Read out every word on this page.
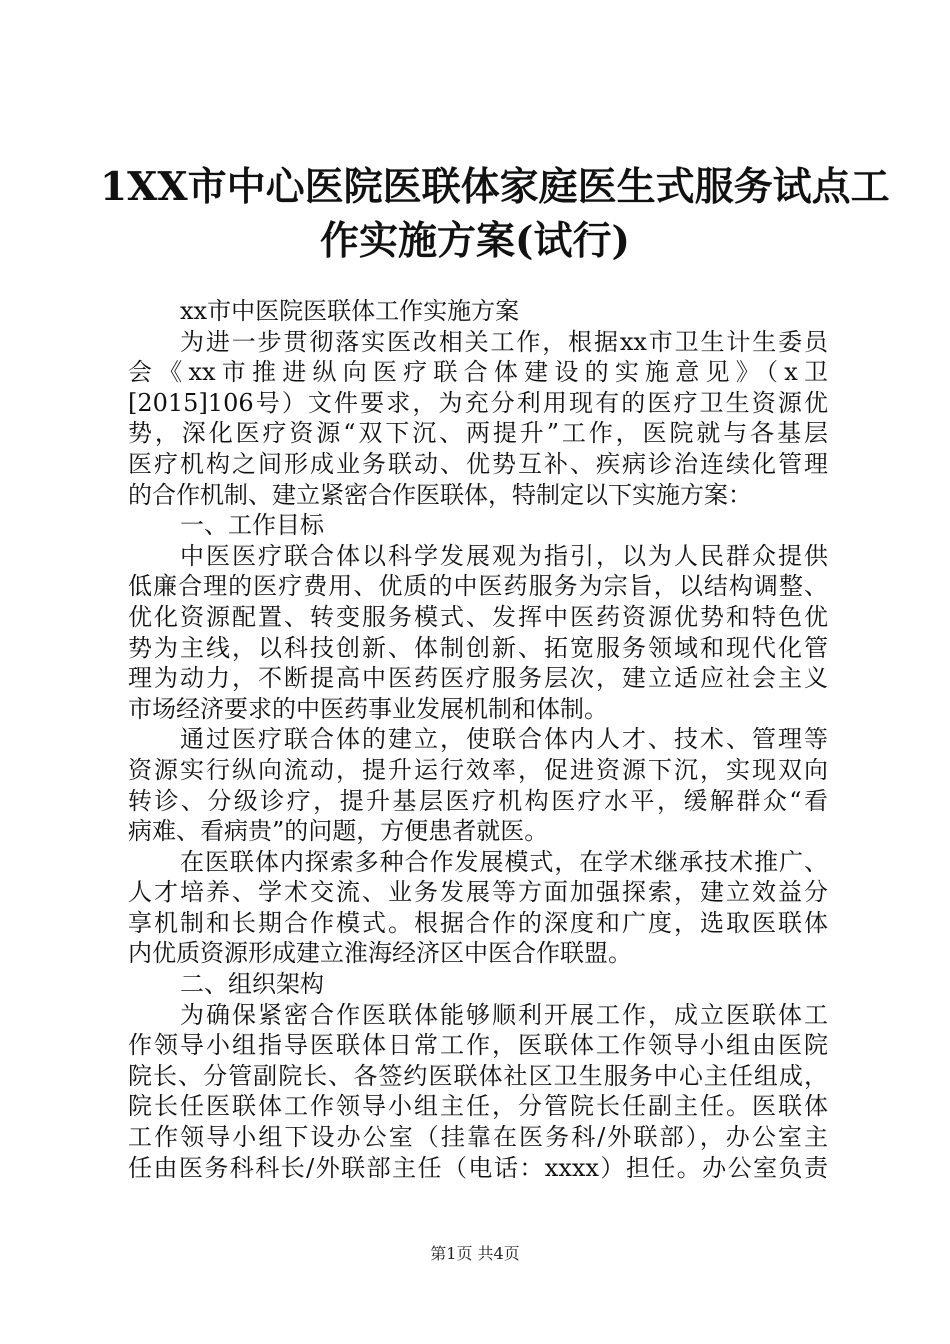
1XX市中心医院医联体家庭医生式服务试点工
作实施方案(试行)
xx市中医院医联体工作实施方案
为进一步贯彻落实医改相关工作，根据xx市卫生计生委员
会《xx市推进纵向医疗联合体建设的实施意见》（x卫
[2015]106号）文件要求，为充分利用现有的医疗卫生资源优
势，深化医疗资源“双下沉、两提升”工作，医院就与各基层
医疗机构之间形成业务联动、优势互补、疾病诊治连续化管理
的合作机制、建立紧密合作医联体，特制定以下实施方案：
一、工作目标
中医医疗联合体以科学发展观为指引，以为人民群众提供
低廉合理的医疗费用、优质的中医药服务为宗旨，以结构调整、
优化资源配置、转变服务模式、发挥中医药资源优势和特色优
势为主线，以科技创新、体制创新、拓宽服务领域和现代化管
理为动力，不断提高中医药医疗服务层次，建立适应社会主义
市场经济要求的中医药事业发展机制和体制。
通过医疗联合体的建立，使联合体内人才、技术、管理等
资源实行纵向流动，提升运行效率，促进资源下沉，实现双向
转诊、分级诊疗，提升基层医疗机构医疗水平，缓解群众“看
病难、看病贵”的问题，方便患者就医。
在医联体内探索多种合作发展模式，在学术继承技术推广、
人才培养、学术交流、业务发展等方面加强探索，建立效益分
享机制和长期合作模式。根据合作的深度和广度，选取医联体
内优质资源形成建立淮海经济区中医合作联盟。
二、组织架构
为确保紧密合作医联体能够顺利开展工作，成立医联体工
作领导小组指导医联体日常工作，医联体工作领导小组由医院
院长、分管副院长、各签约医联体社区卫生服务中心主任组成，
院长任医联体工作领导小组主任，分管院长任副主任。医联体
工作领导小组下设办公室（挂靠在医务科/外联部），办公室主
任由医务科科长/外联部主任（电话：xxxx）担任。办公室负责
第1页 共4页
